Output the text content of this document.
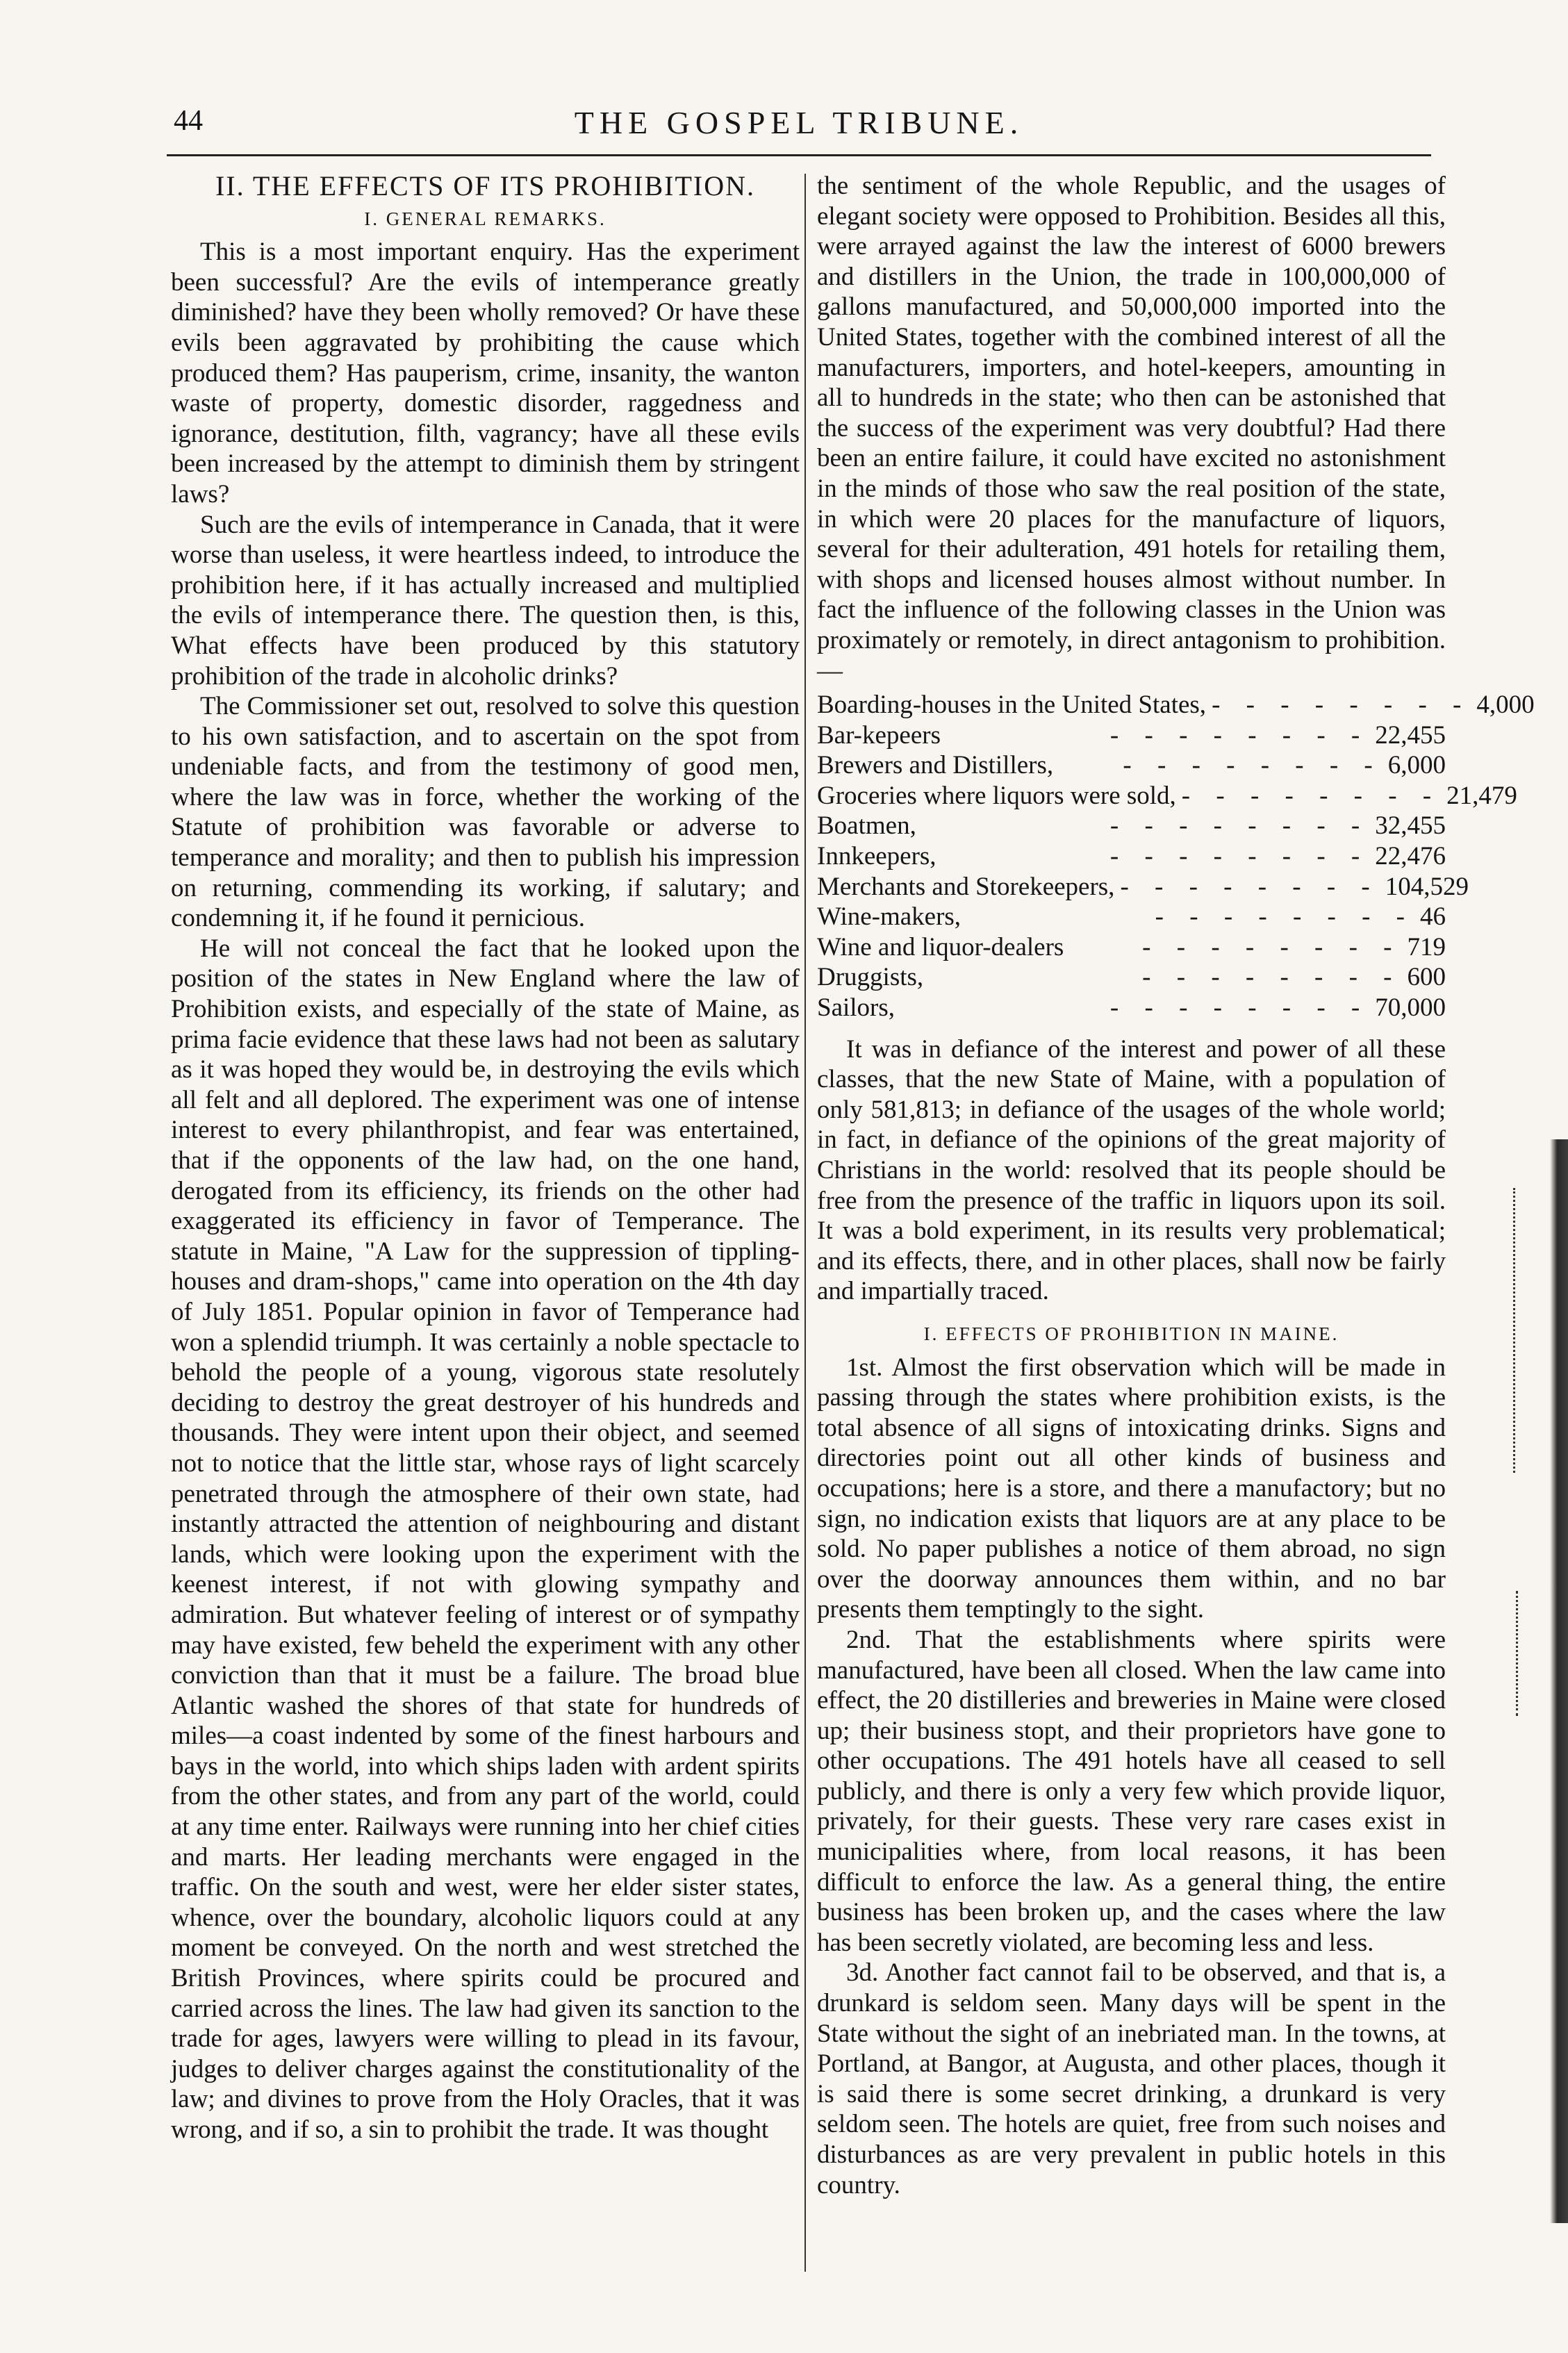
44	THE GOSPEL TRIBUNE.

II. THE EFFECTS OF ITS PROHIBITION.

I. GENERAL REMARKS.

This is a most important enquiry. Has the experiment been successful? Are the evils of intemperance greatly diminished? have they been wholly removed? Or have these evils been aggravated by prohibiting the cause which produced them? Has pauperism, crime, insanity, the wanton waste of property, domestic disorder, raggedness and ignorance, destitution, filth, vagrancy; have all these evils been increased by the attempt to diminish them by stringent laws?

Such are the evils of intemperance in Canada, that it were worse than useless, it were heartless indeed, to introduce the prohibition here, if it has actually increased and multiplied the evils of intemperance there. The question then, is this, What effects have been produced by this statutory prohibition of the trade in alcoholic drinks?

The Commissioner set out, resolved to solve this question to his own satisfaction, and to ascertain on the spot from undeniable facts, and from the testimony of good men, where the law was in force, whether the working of the Statute of prohibition was favorable or adverse to temperance and morality; and then to publish his impression on returning, commending its working, if salutary; and condemning it, if he found it pernicious.

He will not conceal the fact that he looked upon the position of the states in New England where the law of Prohibition exists, and especially of the state of Maine, as prima facie evidence that these laws had not been as salutary as it was hoped they would be, in destroying the evils which all felt and all deplored. The experiment was one of intense interest to every philanthropist, and fear was entertained, that if the opponents of the law had, on the one hand, derogated from its efficiency, its friends on the other had exaggerated its efficiency in favor of Temperance. The statute in Maine, "A Law for the suppression of tippling-houses and dram-shops," came into operation on the 4th day of July 1851. Popular opinion in favor of Temperance had won a splendid triumph. It was certainly a noble spectacle to behold the people of a young, vigorous state resolutely deciding to destroy the great destroyer of his hundreds and thousands. They were intent upon their object, and seemed not to notice that the little star, whose rays of light scarcely penetrated through the atmosphere of their own state, had instantly attracted the attention of neighbouring and distant lands, which were looking upon the experiment with the keenest interest, if not with glowing sympathy and admiration. But whatever feeling of interest or of sympathy may have existed, few beheld the experiment with any other conviction than that it must be a failure. The broad blue Atlantic washed the shores of that state for hundreds of miles—a coast indented by some of the finest harbours and bays in the world, into which ships laden with ardent spirits from the other states, and from any part of the world, could at any time enter. Railways were running into her chief cities and marts. Her leading merchants were engaged in the traffic. On the south and west, were her elder sister states, whence, over the boundary, alcoholic liquors could at any moment be conveyed. On the north and west stretched the British Provinces, where spirits could be procured and carried across the lines. The law had given its sanction to the trade for ages, lawyers were willing to plead in its favour, judges to deliver charges against the constitutionality of the law; and divines to prove from the Holy Oracles, that it was wrong, and if so, a sin to prohibit the trade. It was thought

the sentiment of the whole Republic, and the usages of elegant society were opposed to Prohibition. Besides all this, were arrayed against the law the interest of 6000 brewers and distillers in the Union, the trade in 100,000,000 of gallons manufactured, and 50,000,000 imported into the United States, together with the combined interest of all the manufacturers, importers, and hotel-keepers, amounting in all to hundreds in the state; who then can be astonished that the success of the experiment was very doubtful? Had there been an entire failure, it could have excited no astonishment in the minds of those who saw the real position of the state, in which were 20 places for the manufacture of liquors, several for their adulteration, 491 hotels for retailing them, with shops and licensed houses almost without number. In fact the influence of the following classes in the Union was proximately or remotely, in direct antagonism to prohibition.—

Boarding-houses in the United States, - - - - - - - - 4,000
Bar-kepeers	- - - - - - - - 22,455
Brewers and Distillers,	- - - - - - - - 6,000
Groceries where liquors were sold, - - - - - - - - 21,479
Boatmen,	- - - - - - - - 32,455
Innkeepers,	- - - - - - - - 22,476
Merchants and Storekeepers, - - - - - - - - 104,529
Wine-makers,	- - - - - - - - 46
Wine and liquor-dealers	- - - - - - - - 719
Druggists,	- - - - - - - - 600
Sailors,	- - - - - - - - 70,000

It was in defiance of the interest and power of all these classes, that the new State of Maine, with a population of only 581,813; in defiance of the usages of the whole world; in fact, in defiance of the opinions of the great majority of Christians in the world: resolved that its people should be free from the presence of the traffic in liquors upon its soil. It was a bold experiment, in its results very problematical; and its effects, there, and in other places, shall now be fairly and impartially traced.

I. EFFECTS OF PROHIBITION IN MAINE.

1st. Almost the first observation which will be made in passing through the states where prohibition exists, is the total absence of all signs of intoxicating drinks. Signs and directories point out all other kinds of business and occupations; here is a store, and there a manufactory; but no sign, no indication exists that liquors are at any place to be sold. No paper publishes a notice of them abroad, no sign over the doorway announces them within, and no bar presents them temptingly to the sight.

2nd. That the establishments where spirits were manufactured, have been all closed. When the law came into effect, the 20 distilleries and breweries in Maine were closed up; their business stopt, and their proprietors have gone to other occupations. The 491 hotels have all ceased to sell publicly, and there is only a very few which provide liquor, privately, for their guests. These very rare cases exist in municipalities where, from local reasons, it has been difficult to enforce the law. As a general thing, the entire business has been broken up, and the cases where the law has been secretly violated, are becoming less and less.

3d. Another fact cannot fail to be observed, and that is, a drunkard is seldom seen. Many days will be spent in the State without the sight of an inebriated man. In the towns, at Portland, at Bangor, at Augusta, and other places, though it is said there is some secret drinking, a drunkard is very seldom seen. The hotels are quiet, free from such noises and disturbances as are very prevalent in public hotels in this country.
